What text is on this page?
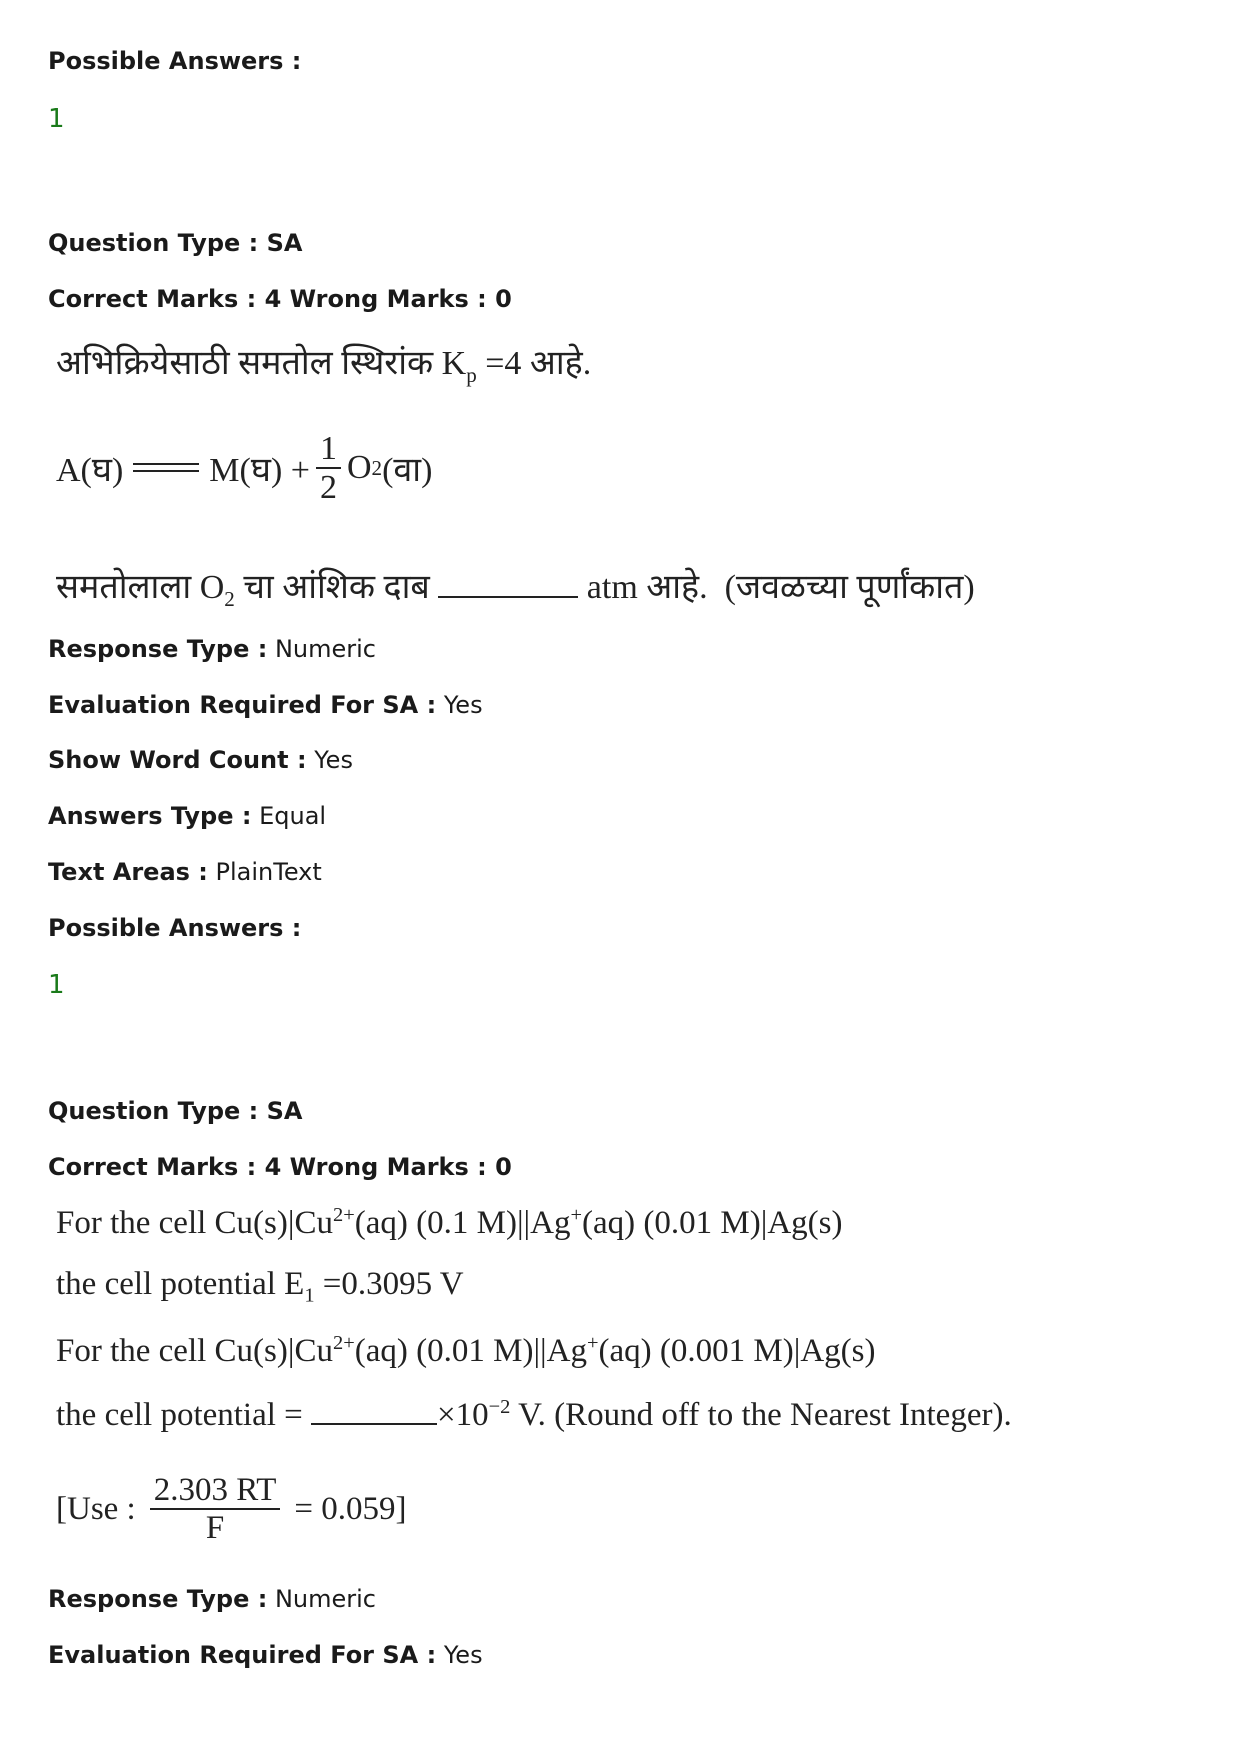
Possible Answers :
1
Question Type : SA
Correct Marks : 4 Wrong Marks : 0
अभिक्रियेसाठी समतोल स्थिरांक $K_p =4$ आहे.
A(घ)	M(घ) + $\frac{1}{2}$ O 2 (वा)
समतोलाला $O_2$ चा आंशिक दाब	atm आहे. (जवळच्या पूर्णांकात)
Response Type : Numeric
Evaluation Required For SA : Yes
Show Word Count : Yes
Answers Type : Equal
Text Areas : PlainText
Possible Answers :
1
Question Type : SA
Correct Marks : 4 Wrong Marks : 0
For the cell $Cu(s)|Cu^{2+}(aq)$ (0.1 M)||Ag+(aq) (0.01 M)|Ag(s)
the cell potential $E_1 =0.3095$ V
For the cell $Cu(s)|Cu^{2+}(aq)$ (0.01 M)||Ag+(aq) (0.001 M)|Ag(s)
the cell potential =	$\times 10^{-2}$ V. (Round off to the Nearest Integer).
[Use : $\frac{2.303 RT}{F} = 0.059$]
Response Type : Numeric
Evaluation Required For SA : Yes
